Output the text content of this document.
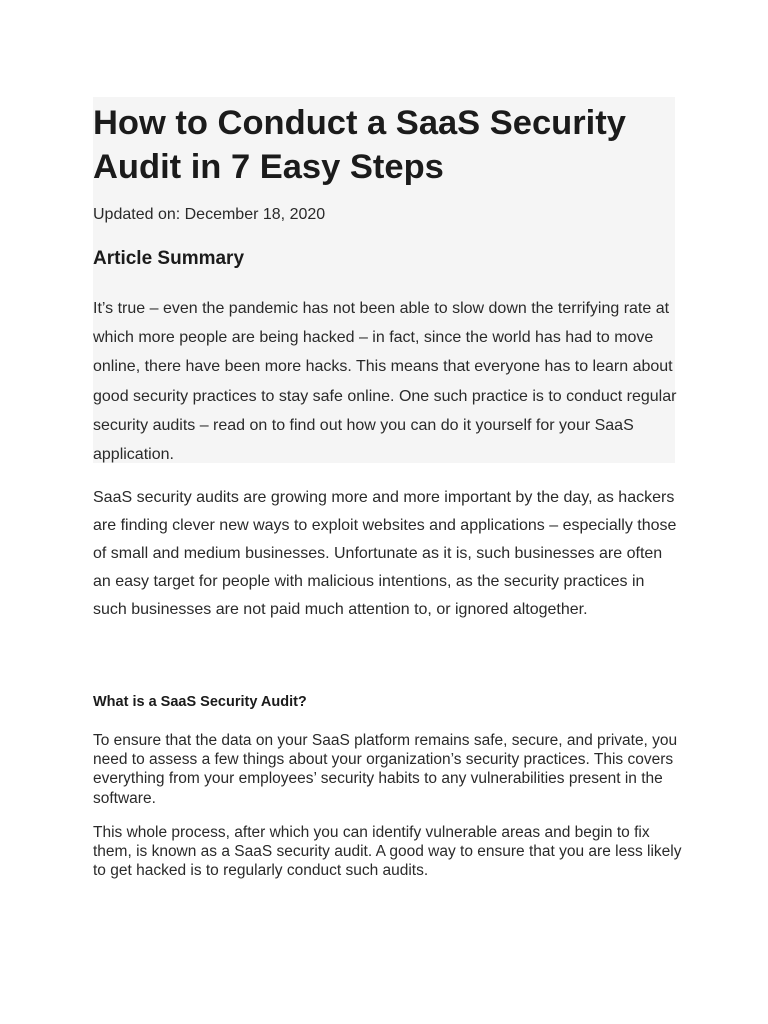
How to Conduct a SaaS Security Audit in 7 Easy Steps

Updated on: December 18, 2020

Article Summary

It’s true – even the pandemic has not been able to slow down the terrifying rate at which more people are being hacked – in fact, since the world has had to move online, there have been more hacks. This means that everyone has to learn about good security practices to stay safe online. One such practice is to conduct regular security audits – read on to find out how you can do it yourself for your SaaS application.

SaaS security audits are growing more and more important by the day, as hackers are finding clever new ways to exploit websites and applications – especially those of small and medium businesses. Unfortunate as it is, such businesses are often an easy target for people with malicious intentions, as the security practices in such businesses are not paid much attention to, or ignored altogether.

What is a SaaS Security Audit?

To ensure that the data on your SaaS platform remains safe, secure, and private, you need to assess a few things about your organization’s security practices. This covers everything from your employees’ security habits to any vulnerabilities present in the software.

This whole process, after which you can identify vulnerable areas and begin to fix them, is known as a SaaS security audit. A good way to ensure that you are less likely to get hacked is to regularly conduct such audits.
